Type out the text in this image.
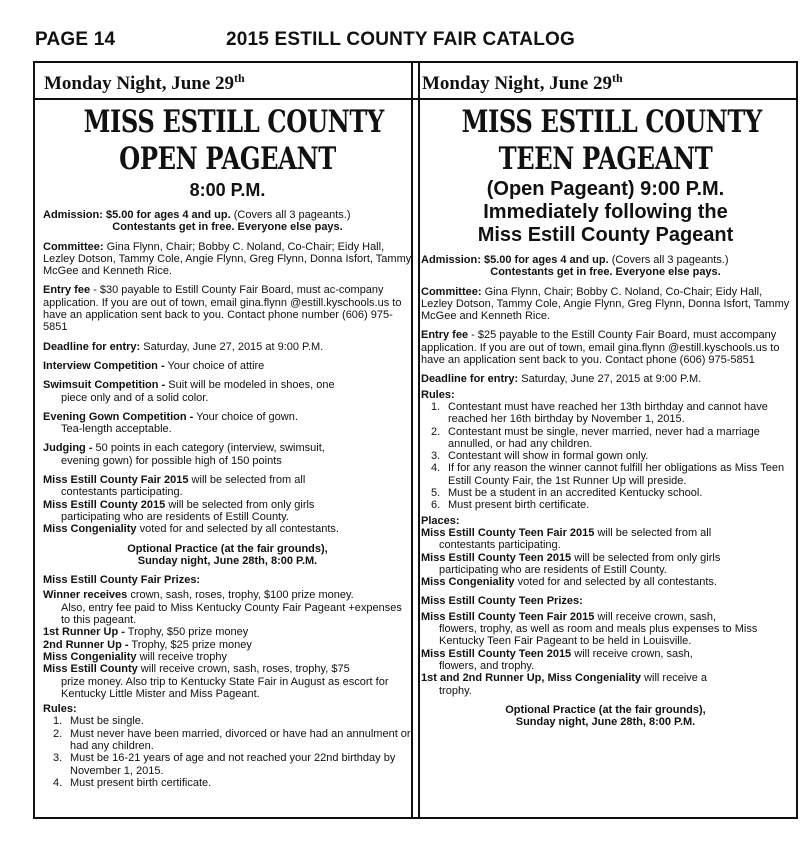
PAGE 14	2015 ESTILL COUNTY FAIR CATALOG
Monday Night, June 29th
MISS ESTILL COUNTY
OPEN PAGEANT
8:00 P.M.

Admission: $5.00 for ages 4 and up. (Covers all 3 pageants.)

Contestants get in free. Everyone else pays.

Committee: Gina Flynn, Chair; Bobby C. Noland, Co-Chair; Eidy Hall, Lezley Dotson, Tammy Cole, Angie Flynn, Greg Flynn, Donna Isfort, Tammy McGee and Kenneth Rice.

Entry fee - $30 payable to Estill County Fair Board, must ac-company application. If you are out of town, email gina.flynn @estill.kyschools.us to have an application sent back to you. Contact phone number (606) 975-5851

Deadline for entry: Saturday, June 27, 2015 at 9:00 P.M.

Interview Competition - Your choice of attire

Swimsuit Competition - Suit will be modeled in shoes, one

piece only and of a solid color.

Evening Gown Competition - Your choice of gown.

Tea-length acceptable.

Judging - 50 points in each category (interview, swimsuit,

evening gown) for possible high of 150 points

Miss Estill County Fair 2015 will be selected from all

contestants participating.

Miss Estill County 2015 will be selected from only girls

participating who are residents of Estill County.

Miss Congeniality voted for and selected by all contestants.

Optional Practice (at the fair grounds),

Sunday night, June 28th, 8:00 P.M.

Miss Estill County Fair Prizes:

Winner receives crown, sash, roses, trophy, $100 prize money.

Also, entry fee paid to Miss Kentucky County Fair Pageant +expenses to this pageant.

1st Runner Up - Trophy, $50 prize money

2nd Runner Up - Trophy, $25 prize money

Miss Congeniality will receive trophy

Miss Estill County will receive crown, sash, roses, trophy, $75

prize money. Also trip to Kentucky State Fair in August as escort for Kentucky Little Mister and Miss Pageant.

Rules:

1. Must be single.
2. Must never have been married, divorced or have had an annulment or had any children.
3. Must be 16-21 years of age and not reached your 22nd birthday by November 1, 2015.
4. Must present birth certificate.
Monday Night, June 29th
MISS ESTILL COUNTY
TEEN PAGEANT
(Open Pageant) 9:00 P.M.
Immediately following the
Miss Estill County Pageant

Admission: $5.00 for ages 4 and up. (Covers all 3 pageants.)

Contestants get in free. Everyone else pays.

Committee: Gina Flynn, Chair; Bobby C. Noland, Co-Chair; Eidy Hall, Lezley Dotson, Tammy Cole, Angie Flynn, Greg Flynn, Donna Isfort, Tammy McGee and Kenneth Rice.

Entry fee - $25 payable to the Estill County Fair Board, must accompany application. If you are out of town, email gina.flynn @estill.kyschools.us to have an application sent back to you. Contact phone (606) 975-5851

Deadline for entry: Saturday, June 27, 2015 at 9:00 P.M.

Rules:

1. Contestant must have reached her 13th birthday and cannot have reached her 16th birthday by November 1, 2015.
2. Contestant must be single, never married, never had a marriage annulled, or had any children.
3. Contestant will show in formal gown only.
4. If for any reason the winner cannot fulfill her obligations as Miss Teen Estill County Fair, the 1st Runner Up will preside.
5. Must be a student in an accredited Kentucky school.
6. Must present birth certificate.

Places:

Miss Estill County Teen Fair 2015 will be selected from all

contestants participating.

Miss Estill County Teen 2015 will be selected from only girls

participating who are residents of Estill County.

Miss Congeniality voted for and selected by all contestants.

Miss Estill County Teen Prizes:

Miss Estill County Teen Fair 2015 will receive crown, sash,

flowers, trophy, as well as room and meals plus expenses to Miss Kentucky Teen Fair Pageant to be held in Louisville.

Miss Estill County Teen 2015 will receive crown, sash,

flowers, and trophy.

1st and 2nd Runner Up, Miss Congeniality will receive a

trophy.

Optional Practice (at the fair grounds),

Sunday night, June 28th, 8:00 P.M.
